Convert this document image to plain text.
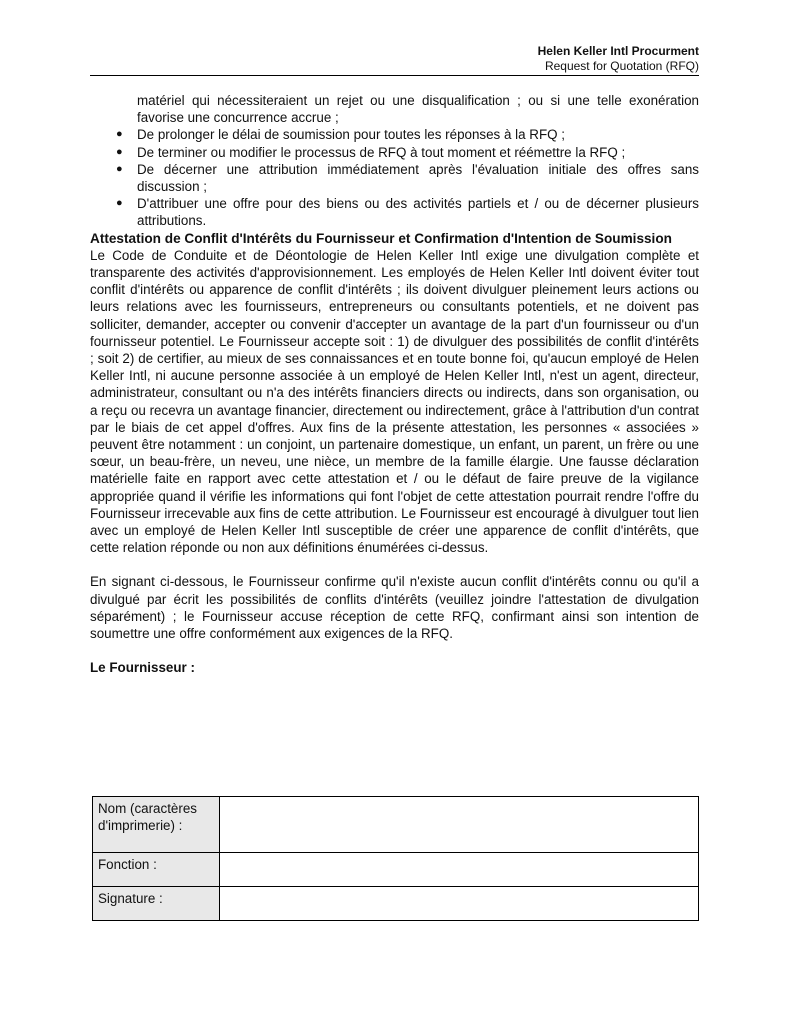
Helen Keller Intl Procurment
Request for Quotation (RFQ)
matériel qui nécessiteraient un rejet ou une disqualification ; ou si une telle exonération favorise une concurrence accrue ;
● De prolonger le délai de soumission pour toutes les réponses à la RFQ ;
● De terminer ou modifier le processus de RFQ à tout moment et réémettre la RFQ ;
● De décerner une attribution immédiatement après l'évaluation initiale des offres sans discussion ;
● D'attribuer une offre pour des biens ou des activités partiels et / ou de décerner plusieurs attributions.
Attestation de Conflit d'Intérêts du Fournisseur et Confirmation d'Intention de Soumission

Le Code de Conduite et de Déontologie de Helen Keller Intl exige une divulgation complète et transparente des activités d'approvisionnement. Les employés de Helen Keller Intl doivent éviter tout conflit d'intérêts ou apparence de conflit d'intérêts ; ils doivent divulguer pleinement leurs actions ou leurs relations avec les fournisseurs, entrepreneurs ou consultants potentiels, et ne doivent pas solliciter, demander, accepter ou convenir d'accepter un avantage de la part d'un fournisseur ou d'un fournisseur potentiel. Le Fournisseur accepte soit : 1) de divulguer des possibilités de conflit d'intérêts ; soit 2) de certifier, au mieux de ses connaissances et en toute bonne foi, qu'aucun employé de Helen Keller Intl, ni aucune personne associée à un employé de Helen Keller Intl, n'est un agent, directeur, administrateur, consultant ou n'a des intérêts financiers directs ou indirects, dans son organisation, ou a reçu ou recevra un avantage financier, directement ou indirectement, grâce à l'attribution d'un contrat par le biais de cet appel d'offres. Aux fins de la présente attestation, les personnes « associées » peuvent être notamment : un conjoint, un partenaire domestique, un enfant, un parent, un frère ou une sœur, un beau-frère, un neveu, une nièce, un membre de la famille élargie. Une fausse déclaration matérielle faite en rapport avec cette attestation et / ou le défaut de faire preuve de la vigilance appropriée quand il vérifie les informations qui font l'objet de cette attestation pourrait rendre l'offre du Fournisseur irrecevable aux fins de cette attribution. Le Fournisseur est encouragé à divulguer tout lien avec un employé de Helen Keller Intl susceptible de créer une apparence de conflit d'intérêts, que cette relation réponde ou non aux définitions énumérées ci-dessus.

En signant ci-dessous, le Fournisseur confirme qu'il n'existe aucun conflit d'intérêts connu ou qu'il a divulgué par écrit les possibilités de conflits d'intérêts (veuillez joindre l'attestation de divulgation séparément) ; le Fournisseur accuse réception de cette RFQ, confirmant ainsi son intention de soumettre une offre conformément aux exigences de la RFQ.

Le Fournisseur :
Nom (caractères d'imprimerie) :	
Fonction :	
Signature :	
